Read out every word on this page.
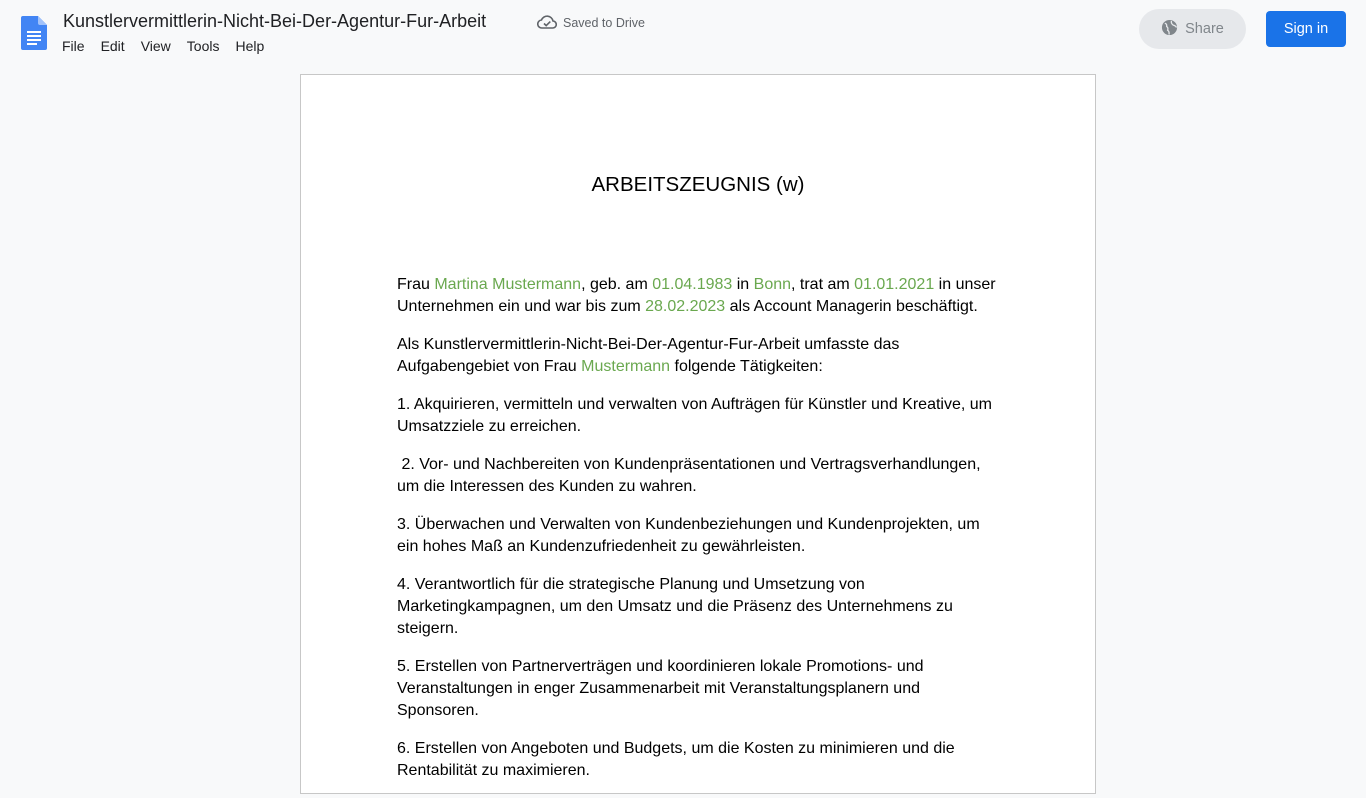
Kunstlervermittlerin-Nicht-Bei-Der-Agentur-Fur-Arbeit	Saved to Drive
File	Edit	View	Tools	Help
Share	Sign in
ARBEITSZEUGNIS (w)

Frau Martina Mustermann, geb. am 01.04.1983 in Bonn, trat am 01.01.2021 in unser Unternehmen ein und war bis zum 28.02.2023 als Account Managerin beschäftigt.

Als Kunstlervermittlerin-Nicht-Bei-Der-Agentur-Fur-Arbeit umfasste das Aufgabengebiet von Frau Mustermann folgende Tätigkeiten:

1. Akquirieren, vermitteln und verwalten von Aufträgen für Künstler und Kreative, um Umsatzziele zu erreichen.

2. Vor- und Nachbereiten von Kundenpräsentationen und Vertragsverhandlungen, um die Interessen des Kunden zu wahren.

3. Überwachen und Verwalten von Kundenbeziehungen und Kundenprojekten, um ein hohes Maß an Kundenzufriedenheit zu gewährleisten.

4. Verantwortlich für die strategische Planung und Umsetzung von Marketingkampagnen, um den Umsatz und die Präsenz des Unternehmens zu steigern.

5. Erstellen von Partnerverträgen und koordinieren lokale Promotions- und Veranstaltungen in enger Zusammenarbeit mit Veranstaltungsplanern und Sponsoren.

6. Erstellen von Angeboten und Budgets, um die Kosten zu minimieren und die Rentabilität zu maximieren.
